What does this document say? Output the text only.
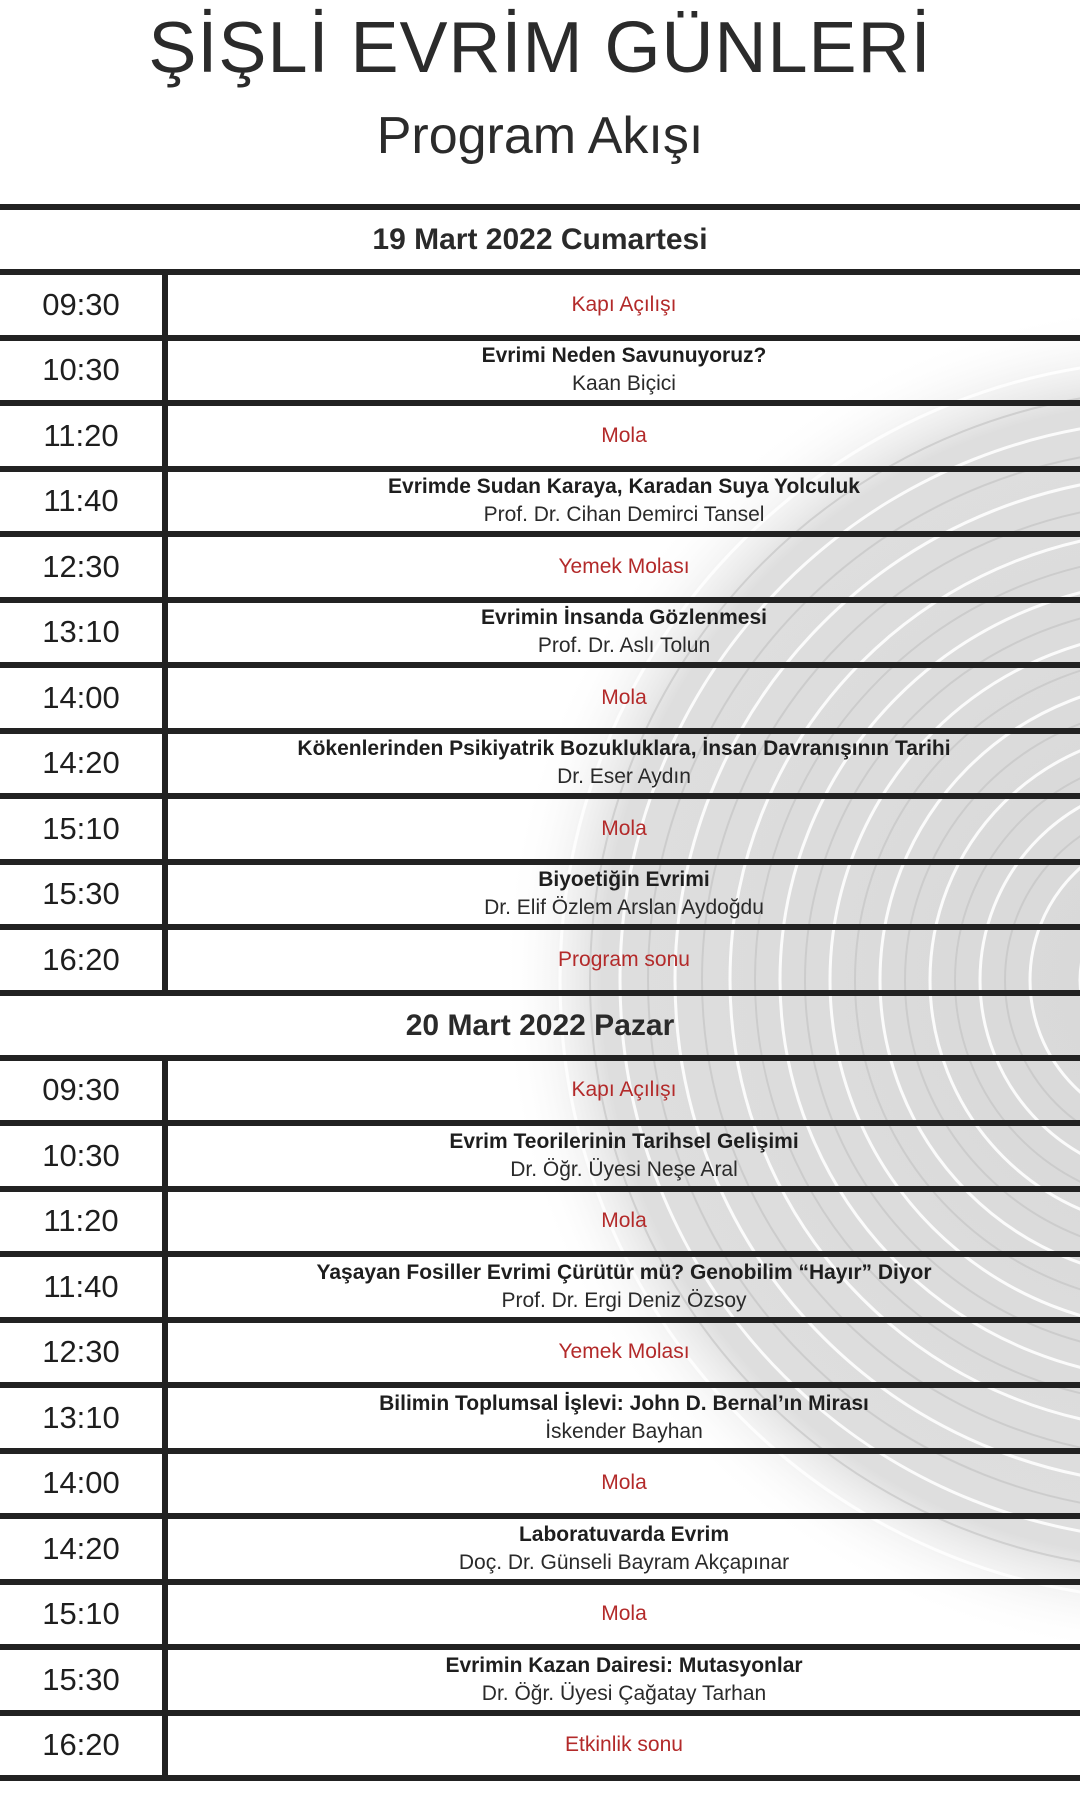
ŞİŞLİ EVRİM GÜNLERİ
Program Akışı
19 Mart 2022 Cumartesi
09:30	Kapı Açılışı
10:30	Evrimi Neden Savunuyoruz?
Kaan Biçici
11:20	Mola
11:40	Evrimde Sudan Karaya, Karadan Suya Yolculuk
Prof. Dr. Cihan Demirci Tansel
12:30	Yemek Molası
13:10	Evrimin İnsanda Gözlenmesi
Prof. Dr. Aslı Tolun
14:00	Mola
14:20	Kökenlerinden Psikiyatrik Bozukluklara, İnsan Davranışının Tarihi
Dr. Eser Aydın
15:10	Mola
15:30	Biyoetiğin Evrimi
Dr. Elif Özlem Arslan Aydoğdu
16:20	Program sonu
20 Mart 2022 Pazar
09:30	Kapı Açılışı
10:30	Evrim Teorilerinin Tarihsel Gelişimi
Dr. Öğr. Üyesi Neşe Aral
11:20	Mola
11:40	Yaşayan Fosiller Evrimi Çürütür mü? Genobilim “Hayır” Diyor
Prof. Dr. Ergi Deniz Özsoy
12:30	Yemek Molası
13:10	Bilimin Toplumsal İşlevi: John D. Bernal’ın Mirası
İskender Bayhan
14:00	Mola
14:20	Laboratuvarda Evrim
Doç. Dr. Günseli Bayram Akçapınar
15:10	Mola
15:30	Evrimin Kazan Dairesi: Mutasyonlar
Dr. Öğr. Üyesi Çağatay Tarhan
16:20	Etkinlik sonu
